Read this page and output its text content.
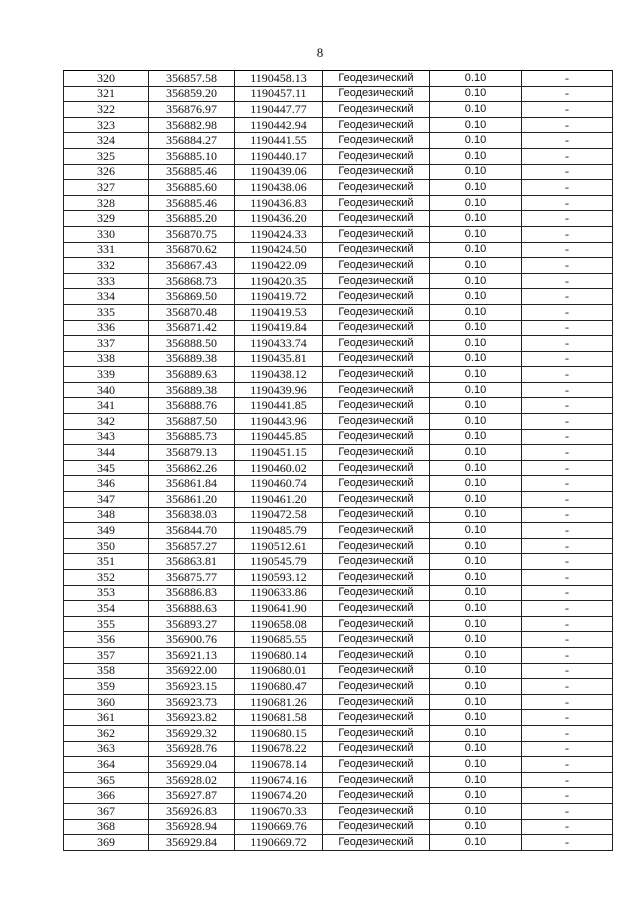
8
320	356857.58	1190458.13	Геодезический	0.10	-
321	356859.20	1190457.11	Геодезический	0.10	-
322	356876.97	1190447.77	Геодезический	0.10	-
323	356882.98	1190442.94	Геодезический	0.10	-
324	356884.27	1190441.55	Геодезический	0.10	-
325	356885.10	1190440.17	Геодезический	0.10	-
326	356885.46	1190439.06	Геодезический	0.10	-
327	356885.60	1190438.06	Геодезический	0.10	-
328	356885.46	1190436.83	Геодезический	0.10	-
329	356885.20	1190436.20	Геодезический	0.10	-
330	356870.75	1190424.33	Геодезический	0.10	-
331	356870.62	1190424.50	Геодезический	0.10	-
332	356867.43	1190422.09	Геодезический	0.10	-
333	356868.73	1190420.35	Геодезический	0.10	-
334	356869.50	1190419.72	Геодезический	0.10	-
335	356870.48	1190419.53	Геодезический	0.10	-
336	356871.42	1190419.84	Геодезический	0.10	-
337	356888.50	1190433.74	Геодезический	0.10	-
338	356889.38	1190435.81	Геодезический	0.10	-
339	356889.63	1190438.12	Геодезический	0.10	-
340	356889.38	1190439.96	Геодезический	0.10	-
341	356888.76	1190441.85	Геодезический	0.10	-
342	356887.50	1190443.96	Геодезический	0.10	-
343	356885.73	1190445.85	Геодезический	0.10	-
344	356879.13	1190451.15	Геодезический	0.10	-
345	356862.26	1190460.02	Геодезический	0.10	-
346	356861.84	1190460.74	Геодезический	0.10	-
347	356861.20	1190461.20	Геодезический	0.10	-
348	356838.03	1190472.58	Геодезический	0.10	-
349	356844.70	1190485.79	Геодезический	0.10	-
350	356857.27	1190512.61	Геодезический	0.10	-
351	356863.81	1190545.79	Геодезический	0.10	-
352	356875.77	1190593.12	Геодезический	0.10	-
353	356886.83	1190633.86	Геодезический	0.10	-
354	356888.63	1190641.90	Геодезический	0.10	-
355	356893.27	1190658.08	Геодезический	0.10	-
356	356900.76	1190685.55	Геодезический	0.10	-
357	356921.13	1190680.14	Геодезический	0.10	-
358	356922.00	1190680.01	Геодезический	0.10	-
359	356923.15	1190680.47	Геодезический	0.10	-
360	356923.73	1190681.26	Геодезический	0.10	-
361	356923.82	1190681.58	Геодезический	0.10	-
362	356929.32	1190680.15	Геодезический	0.10	-
363	356928.76	1190678.22	Геодезический	0.10	-
364	356929.04	1190678.14	Геодезический	0.10	-
365	356928.02	1190674.16	Геодезический	0.10	-
366	356927.87	1190674.20	Геодезический	0.10	-
367	356926.83	1190670.33	Геодезический	0.10	-
368	356928.94	1190669.76	Геодезический	0.10	-
369	356929.84	1190669.72	Геодезический	0.10	-
